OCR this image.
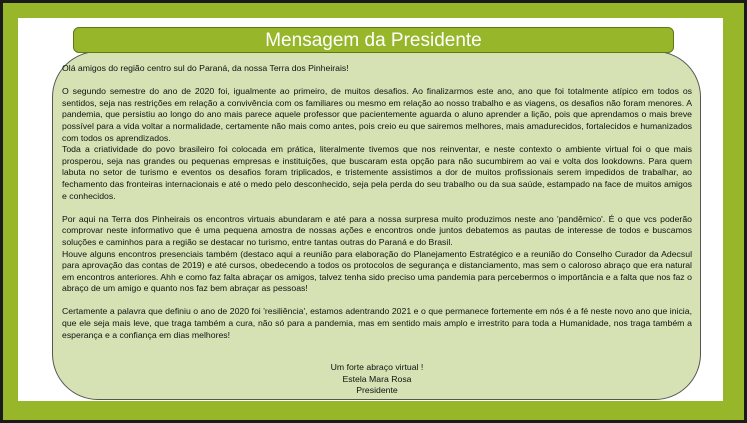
Mensagem da Presidente

Olá amigos do região centro sul do Paraná, da nossa Terra dos Pinheirais!

O segundo semestre do ano de 2020 foi, igualmente ao primeiro, de muitos desafios. Ao finalizarmos este ano, ano que foi totalmente atípico em todos os sentidos, seja nas restrições em relação a convivência com os familiares ou mesmo em relação ao nosso trabalho e as viagens, os desafios não foram menores. A pandemia, que persistiu ao longo do ano mais parece aquele professor que pacientemente aguarda o aluno aprender a lição, pois que aprendamos o mais breve possível para a vida voltar a normalidade, certamente não mais como antes, pois creio eu que sairemos melhores, mais amadurecidos, fortalecidos e humanizados com todos os aprendizados.

Toda a criatividade do povo brasileiro foi colocada em prática, literalmente tivemos que nos reinventar, e neste contexto o ambiente virtual foi o que mais prosperou, seja nas grandes ou pequenas empresas e instituições, que buscaram esta opção para não sucumbirem ao vai e volta dos lookdowns. Para quem labuta no setor de turismo e eventos os desafios foram triplicados, e tristemente assistimos a dor de muitos profissionais serem impedidos de trabalhar, ao fechamento das fronteiras internacionais e até o medo pelo desconhecido, seja pela perda do seu trabalho ou da sua saúde, estampado na face de muitos amigos e conhecidos.

Por aqui na Terra dos Pinheirais os encontros virtuais abundaram e até para a nossa surpresa muito produzimos neste ano 'pandêmico'. É o que vcs poderão comprovar neste informativo que é uma pequena amostra de nossas ações e encontros onde juntos debatemos as pautas de interesse de todos e buscamos soluções e caminhos para a região se destacar no turismo, entre tantas outras do Paraná e do Brasil.

Houve alguns encontros presenciais também (destaco aqui a reunião para elaboração do Planejamento Estratégico e a reunião do Conselho Curador da Adecsul para aprovação das contas de 2019) e até cursos, obedecendo a todos os protocolos de segurança e distanciamento, mas sem o caloroso abraço que era natural em encontros anteriores. Ahh e como faz falta abraçar os amigos, talvez tenha sido preciso uma pandemia para percebermos o importância e a falta que nos faz o abraço de um amigo e quanto nos faz bem abraçar as pessoas!

Certamente a palavra que definiu o ano de 2020 foi 'resiliência', estamos adentrando 2021 e o que permanece fortemente em nós é a fé neste novo ano que inicia, que ele seja mais leve, que traga também a cura, não só para a pandemia, mas em sentido mais amplo e irrestrito para toda a Humanidade, nos traga também a esperança e a confiança em dias melhores!

Um forte abraço virtual !
Estela Mara Rosa
Presidente
